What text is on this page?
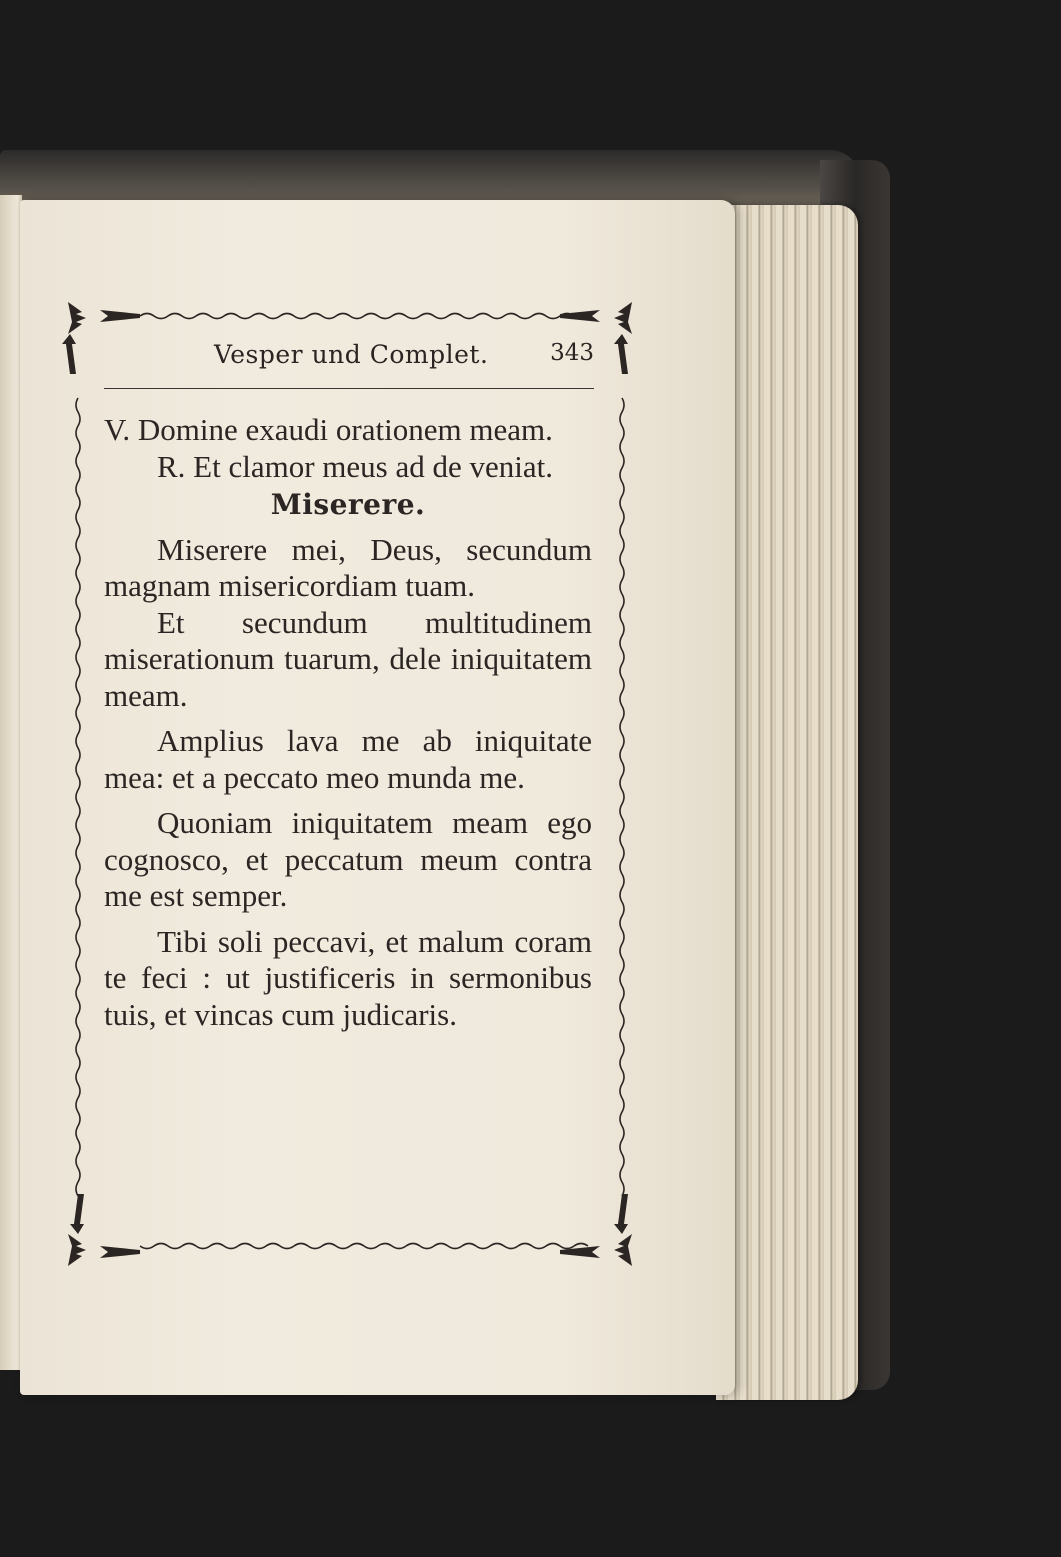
Vesper und Complet.	343

V. Domine exaudi orationem meam.

R. Et clamor meus ad de veniat.

Miserere.

Miserere mei, Deus, secundum magnam misericordiam tuam.

Et secundum multitudinem miserationum tuarum, dele iniquitatem meam.

Amplius lava me ab iniquitate mea: et a peccato meo munda me.

Quoniam iniquitatem meam ego cognosco, et peccatum meum contra me est semper.

Tibi soli peccavi, et malum coram te feci : ut justificeris in sermonibus tuis, et vincas cum judicaris.
